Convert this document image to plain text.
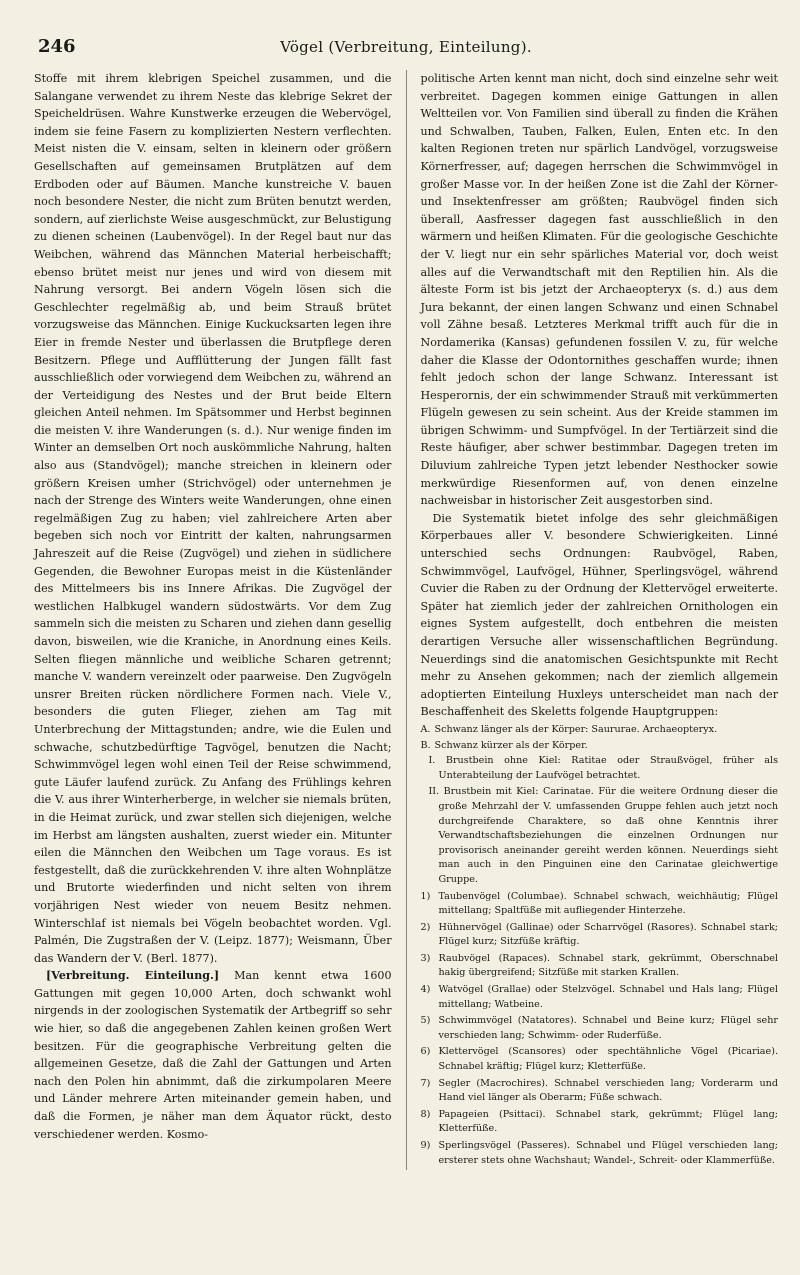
246	Vögel (Verbreitung, Einteilung).

Stoffe mit ihrem klebrigen Speichel zusammen, und die Salangane verwendet zu ihrem Neste das klebrige Sekret der Speicheldrüsen. Wahre Kunstwerke erzeugen die Webervögel, indem sie feine Fasern zu komplizierten Nestern verflechten. Meist nisten die V. einsam, selten in kleinern oder größern Gesellschaften auf gemeinsamen Brutplätzen auf dem Erdboden oder auf Bäumen. Manche kunstreiche V. bauen noch besondere Nester, die nicht zum Brüten benutzt werden, sondern, auf zierlichste Weise ausgeschmückt, zur Belustigung zu dienen scheinen (Laubenvögel). In der Regel baut nur das Weibchen, während das Männchen Material herbeischafft; ebenso brütet meist nur jenes und wird von diesem mit Nahrung versorgt. Bei andern Vögeln lösen sich die Geschlechter regelmäßig ab, und beim Strauß brütet vorzugsweise das Männchen. Einige Kuckucksarten legen ihre Eier in fremde Nester und überlassen die Brutpflege deren Besitzern. Pflege und Aufflütterung der Jungen fällt fast ausschließlich oder vorwiegend dem Weibchen zu, während an der Verteidigung des Nestes und der Brut beide Eltern gleichen Anteil nehmen. Im Spätsommer und Herbst beginnen die meisten V. ihre Wanderungen (s. d.). Nur wenige finden im Winter an demselben Ort noch auskömmliche Nahrung, halten also aus (Standvögel); manche streichen in kleinern oder größern Kreisen umher (Strichvögel) oder unternehmen je nach der Strenge des Winters weite Wanderungen, ohne einen regelmäßigen Zug zu haben; viel zahlreichere Arten aber begeben sich noch vor Eintritt der kalten, nahrungsarmen Jahreszeit auf die Reise (Zugvögel) und ziehen in südlichere Gegenden, die Bewohner Europas meist in die Küstenländer des Mittelmeers bis ins Innere Afrikas. Die Zugvögel der westlichen Halbkugel wandern südostwärts. Vor dem Zug sammeln sich die meisten zu Scharen und ziehen dann gesellig davon, bisweilen, wie die Kraniche, in Anordnung eines Keils. Selten fliegen männliche und weibliche Scharen getrennt; manche V. wandern vereinzelt oder paarweise. Den Zugvögeln unsrer Breiten rücken nördlichere Formen nach. Viele V., besonders die guten Flieger, ziehen am Tag mit Unterbrechung der Mittagstunden; andre, wie die Eulen und schwache, schutzbedürftige Tagvögel, benutzen die Nacht; Schwimmvögel legen wohl einen Teil der Reise schwimmend, gute Läufer laufend zurück. Zu Anfang des Frühlings kehren die V. aus ihrer Winterherberge, in welcher sie niemals brüten, in die Heimat zurück, und zwar stellen sich diejenigen, welche im Herbst am längsten aushalten, zuerst wieder ein. Mitunter eilen die Männchen den Weibchen um Tage voraus. Es ist festgestellt, daß die zurückkehrenden V. ihre alten Wohnplätze und Brutorte wiederfinden und nicht selten von ihrem vorjährigen Nest wieder von neuem Besitz nehmen. Winterschlaf ist niemals bei Vögeln beobachtet worden. Vgl. Palmén, Die Zugstraßen der V. (Leipz. 1877); Weismann, Über das Wandern der V. (Berl. 1877).

[Verbreitung. Einteilung.] Man kennt etwa 1600 Gattungen mit gegen 10,000 Arten, doch schwankt wohl nirgends in der zoologischen Systematik der Artbegriff so sehr wie hier, so daß die angegebenen Zahlen keinen großen Wert besitzen. Für die geographische Verbreitung gelten die allgemeinen Gesetze, daß die Zahl der Gattungen und Arten nach den Polen hin abnimmt, daß die zirkumpolaren Meere und Länder mehrere Arten miteinander gemein haben, und daß die Formen, je näher man dem Äquator rückt, desto verschiedener werden. Kosmo-

politische Arten kennt man nicht, doch sind einzelne sehr weit verbreitet. Dagegen kommen einige Gattungen in allen Weltteilen vor. Von Familien sind überall zu finden die Krähen und Schwalben, Tauben, Falken, Eulen, Enten etc. In den kalten Regionen treten nur spärlich Landvögel, vorzugsweise Körnerfresser, auf; dagegen herrschen die Schwimmvögel in großer Masse vor. In der heißen Zone ist die Zahl der Körner- und Insektenfresser am größten; Raubvögel finden sich überall, Aasfresser dagegen fast ausschließlich in den wärmern und heißen Klimaten. Für die geologische Geschichte der V. liegt nur ein sehr spärliches Material vor, doch weist alles auf die Verwandtschaft mit den Reptilien hin. Als die älteste Form ist bis jetzt der Archaeopteryx (s. d.) aus dem Jura bekannt, der einen langen Schwanz und einen Schnabel voll Zähne besaß. Letzteres Merkmal trifft auch für die in Nordamerika (Kansas) gefundenen fossilen V. zu, für welche daher die Klasse der Odontornithes geschaffen wurde; ihnen fehlt jedoch schon der lange Schwanz. Interessant ist Hesperornis, der ein schwimmender Strauß mit verkümmerten Flügeln gewesen zu sein scheint. Aus der Kreide stammen im übrigen Schwimm- und Sumpfvögel. In der Tertiärzeit sind die Reste häufiger, aber schwer bestimmbar. Dagegen treten im Diluvium zahlreiche Typen jetzt lebender Nesthocker sowie merkwürdige Riesenformen auf, von denen einzelne nachweisbar in historischer Zeit ausgestorben sind.

Die Systematik bietet infolge des sehr gleichmäßigen Körperbaues aller V. besondere Schwierigkeiten. Linné unterschied sechs Ordnungen: Raubvögel, Raben, Schwimmvögel, Laufvögel, Hühner, Sperlingsvögel, während Cuvier die Raben zu der Ordnung der Klettervögel erweiterte. Später hat ziemlich jeder der zahlreichen Ornithologen ein eignes System aufgestellt, doch entbehren die meisten derartigen Versuche aller wissenschaftlichen Begründung. Neuerdings sind die anatomischen Gesichtspunkte mit Recht mehr zu Ansehen gekommen; nach der ziemlich allgemein adoptierten Einteilung Huxleys unterscheidet man nach der Beschaffenheit des Skeletts folgende Hauptgruppen:

A. Schwanz länger als der Körper: Saururae. Archaeopteryx.
B. Schwanz kürzer als der Körper.
I. Brustbein ohne Kiel: Ratitae oder Straußvögel, früher als Unterabteilung der Laufvögel betrachtet.
II. Brustbein mit Kiel: Carinatae. Für die weitere Ordnung dieser die große Mehrzahl der V. umfassenden Gruppe fehlen auch jetzt noch durchgreifende Charaktere, so daß ohne Kenntnis ihrer Verwandtschaftsbeziehungen die einzelnen Ordnungen nur provisorisch aneinander gereiht werden können. Neuerdings sieht man auch in den Pinguinen eine den Carinatae gleichwertige Gruppe.
1) Taubenvögel (Columbae). Schnabel schwach, weichhäutig; Flügel mittellang; Spaltfüße mit aufliegender Hinterzehe.
2) Hühnervögel (Gallinae) oder Scharrvögel (Rasores). Schnabel stark; Flügel kurz; Sitzfüße kräftig.
3) Raubvögel (Rapaces). Schnabel stark, gekrümmt, Oberschnabel hakig übergreifend; Sitzfüße mit starken Krallen.
4) Watvögel (Grallae) oder Stelzvögel. Schnabel und Hals lang; Flügel mittellang; Watbeine.
5) Schwimmvögel (Natatores). Schnabel und Beine kurz; Flügel sehr verschieden lang; Schwimm- oder Ruderfüße.
6) Klettervögel (Scansores) oder spechtähnliche Vögel (Picariae). Schnabel kräftig; Flügel kurz; Kletterfüße.
7) Segler (Macrochires). Schnabel verschieden lang; Vorderarm und Hand viel länger als Oberarm; Füße schwach.
8) Papageien (Psittaci). Schnabel stark, gekrümmt; Flügel lang; Kletterfüße.
9) Sperlingsvögel (Passeres). Schnabel und Flügel verschieden lang; ersterer stets ohne Wachshaut; Wandel-, Schreit- oder Klammerfüße.
